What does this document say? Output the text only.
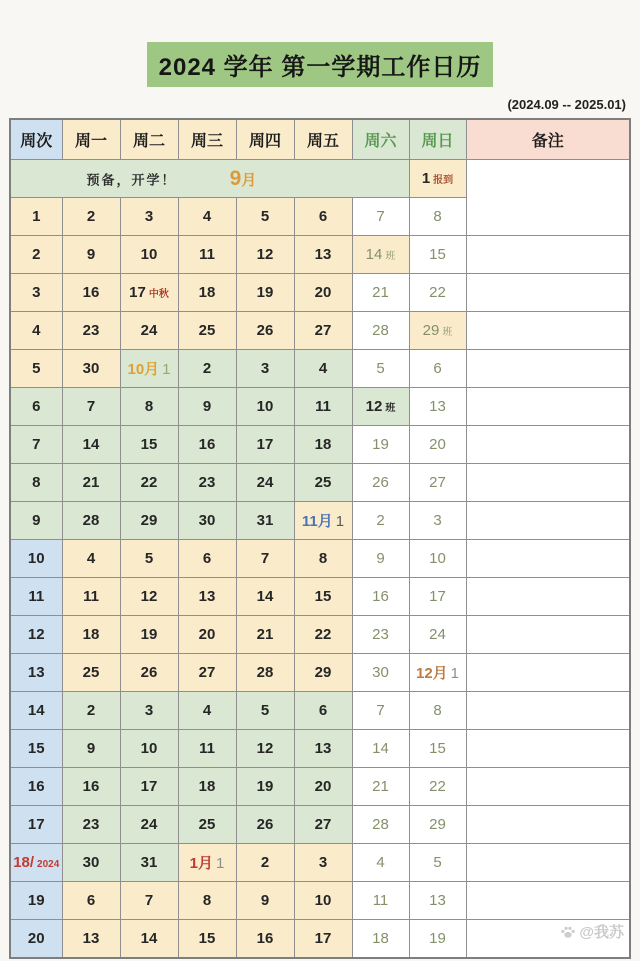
2024 学年 第一学期工作日历
(2024.09 -- 2025.01)
周次	周一	周二	周三	周四	周五	周六	周日	备注

预备，开学！ 9月							1 报到	
1	2	3	4	5	6	7	8	
2	9	10	11	12	13	14 班	15	
3	16	17 中秋	18	19	20	21	22	
4	23	24	25	26	27	28	29 班	
5	30	10月 1	2	3	4	5	6	
6	7	8	9	10	11	12 班	13	
7	14	15	16	17	18	19	20	
8	21	22	23	24	25	26	27	
9	28	29	30	31	11月 1	2	3	
10	4	5	6	7	8	9	10	
11	11	12	13	14	15	16	17	
12	18	19	20	21	22	23	24	
13	25	26	27	28	29	30	12月 1	
14	2	3	4	5	6	7	8	
15	9	10	11	12	13	14	15	
16	16	17	18	19	20	21	22	
17	23	24	25	26	27	28	29	
18/ 2024	30	31	1月 1	2	3	4	5	
19	6	7	8	9	10	11	13	
20	13	14	15	16	17	18	19		@我苏
